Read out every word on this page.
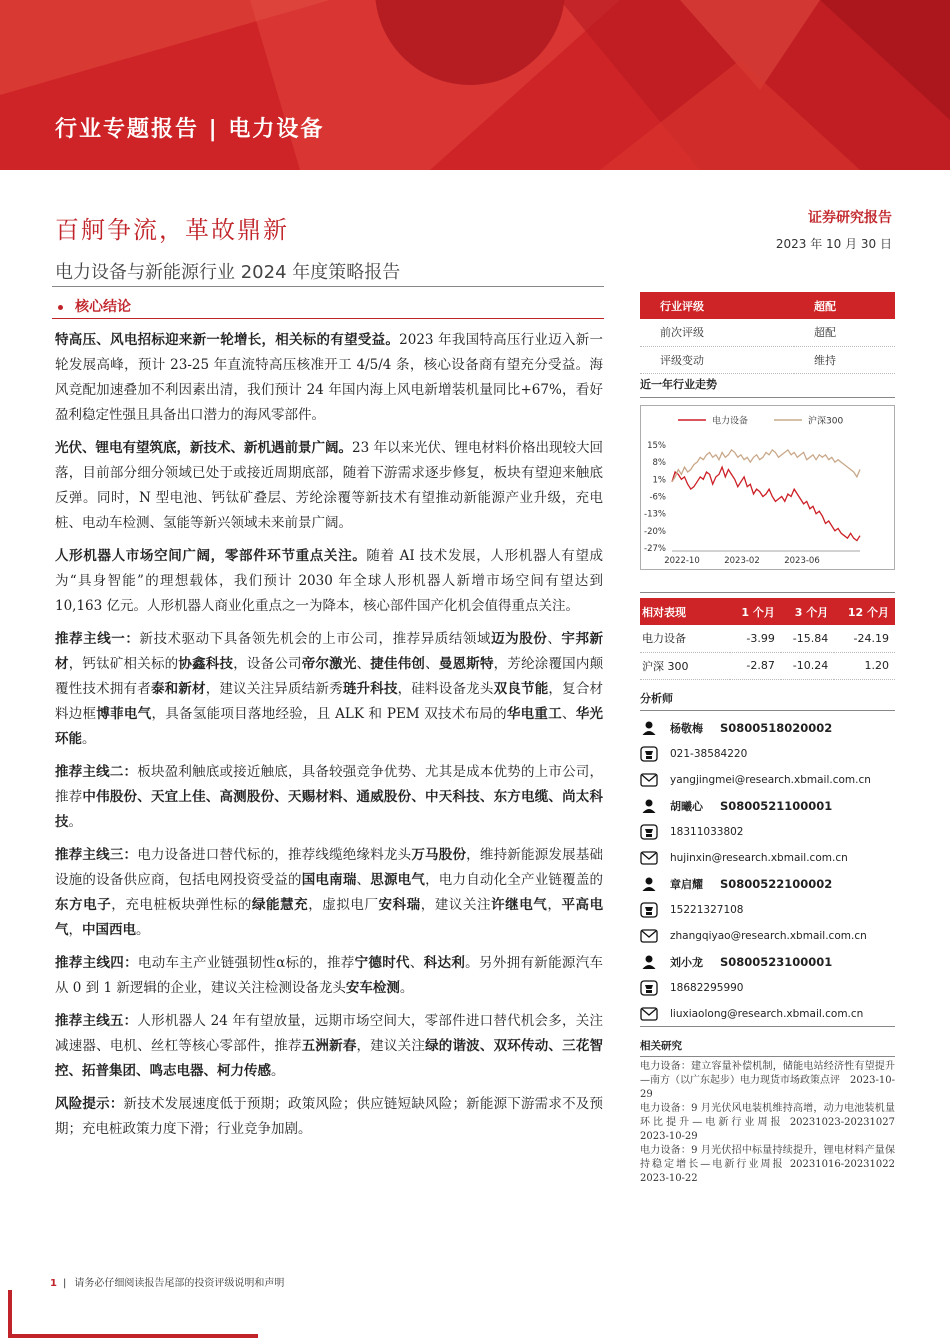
行业专题报告 | 电力设备
百舸争流，革故鼎新
电力设备与新能源行业 2024 年度策略报告
证券研究报告
2023 年 10 月 30 日
核心结论

特高压、风电招标迎来新一轮增长，相关标的有望受益。2023 年我国特高压行业迈入新一轮发展高峰，预计 23-25 年直流特高压核准开工 4/5/4 条，核心设备商有望充分受益。海风竞配加速叠加不利因素出清，我们预计 24 年国内海上风电新增装机量同比+67%，看好盈利稳定性强且具备出口潜力的海风零部件。

光伏、锂电有望筑底，新技术、新机遇前景广阔。23 年以来光伏、锂电材料价格出现较大回落，目前部分细分领域已处于或接近周期底部，随着下游需求逐步修复，板块有望迎来触底反弹。同时，N 型电池、钙钛矿叠层、芳纶涂覆等新技术有望推动新能源产业升级，充电桩、电动车检测、氢能等新兴领域未来前景广阔。

人形机器人市场空间广阔，零部件环节重点关注。随着 AI 技术发展，人形机器人有望成为“具身智能”的理想载体，我们预计 2030 年全球人形机器人新增市场空间有望达到 10,163 亿元。人形机器人商业化重点之一为降本，核心部件国产化机会值得重点关注。

推荐主线一：新技术驱动下具备领先机会的上市公司，推荐异质结领域迈为股份、宇邦新材，钙钛矿相关标的协鑫科技，设备公司帝尔激光、捷佳伟创、曼恩斯特，芳纶涂覆国内颠覆性技术拥有者泰和新材，建议关注异质结新秀琏升科技，硅料设备龙头双良节能，复合材料边框博菲电气，具备氢能项目落地经验，且 ALK 和 PEM 双技术布局的华电重工、华光环能。

推荐主线二：板块盈利触底或接近触底，具备较强竞争优势、尤其是成本优势的上市公司，推荐中伟股份、天宜上佳、高测股份、天赐材料、通威股份、中天科技、东方电缆、尚太科技。

推荐主线三：电力设备进口替代标的，推荐线缆绝缘料龙头万马股份，维持新能源发展基础设施的设备供应商，包括电网投资受益的国电南瑞、思源电气，电力自动化全产业链覆盖的东方电子，充电桩板块弹性标的绿能慧充，虚拟电厂安科瑞，建议关注许继电气，平高电气，中国西电。

推荐主线四：电动车主产业链强韧性α标的，推荐宁德时代、科达利。另外拥有新能源汽车从 0 到 1 新逻辑的企业，建议关注检测设备龙头安车检测。

推荐主线五：人形机器人 24 年有望放量，远期市场空间大，零部件进口替代机会多，关注减速器、电机、丝杠等核心零部件，推荐五洲新春，建议关注绿的谐波、双环传动、三花智控、拓普集团、鸣志电器、柯力传感。

风险提示：新技术发展速度低于预期；政策风险；供应链短缺风险；新能源下游需求不及预期；充电桩政策力度下滑；行业竞争加剧。

行业评级	超配
前次评级	超配
评级变动	维持
近一年行业走势
电力设备	沪深300
15%
8%
1%
-6%
-13%
-20%
-27%
2022-10	2023-02	2023-06
相对表现	1 个月	3 个月	12 个月
电力设备	-3.99	-15.84	-24.19
沪深 300	-2.87	-10.24	1.20
分析师
杨敬梅	S0800518020002
021-38584220
yangjingmei@research.xbmail.com.cn
胡曦心	S0800521100001
18311033802
hujinxin@research.xbmail.com.cn
章启耀	S0800522100002
15221327108
zhangqiyao@research.xbmail.com.cn
刘小龙	S0800523100001
18682295990
liuxiaolong@research.xbmail.com.cn
相关研究

电力设备：建立容量补偿机制，储能电站经济性有望提升—南方（以广东起步）电力现货市场政策点评　2023-10-29

电力设备：9 月光伏风电装机维持高增，动力电池装机量环比提升—电新行业周报 20231023-20231027　2023-10-29

电力设备：9 月光伏招中标量持续提升，锂电材料产量保持稳定增长—电新行业周报 20231016-20231022　2023-10-22

1 | 请务必仔细阅读报告尾部的投资评级说明和声明
